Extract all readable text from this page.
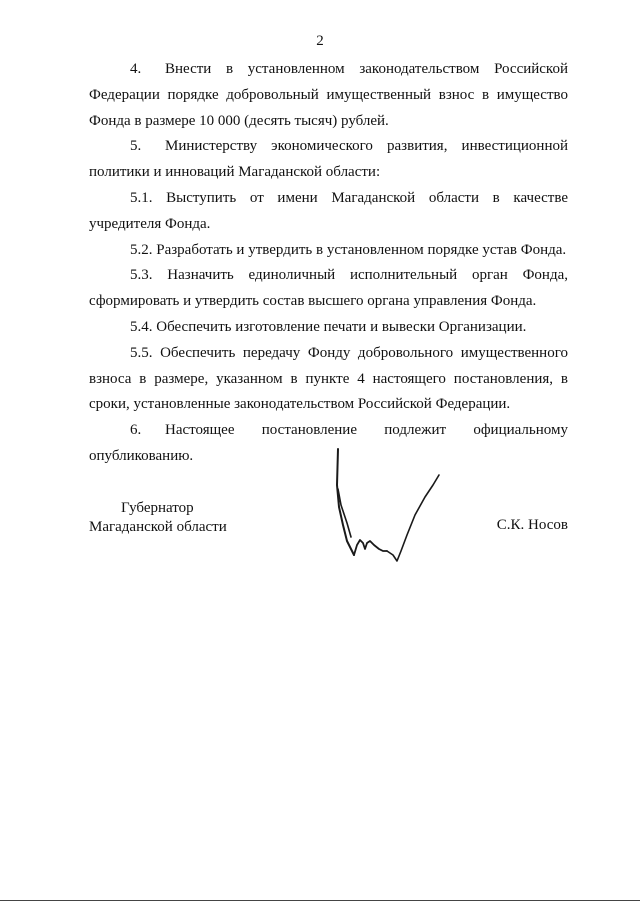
2

4. Внести в установленном законодательством Российской Федерации порядке добровольный имущественный взнос в имущество Фонда в размере 10 000 (десять тысяч) рублей.

5. Министерству экономического развития, инвестиционной политики и инноваций Магаданской области:

5.1. Выступить от имени Магаданской области в качестве учредителя Фонда.

5.2. Разработать и утвердить в установленном порядке устав Фонда.

5.3. Назначить единоличный исполнительный орган Фонда, сформировать и утвердить состав высшего органа управления Фонда.

5.4. Обеспечить изготовление печати и вывески Организации.

5.5. Обеспечить передачу Фонду добровольного имущественного взноса в размере, указанном в пункте 4 настоящего постановления, в сроки, установленные законодательством Российской Федерации.

6. Настоящее постановление подлежит официальному опубликованию.

Губернатор
Магаданской области	С.К. Носов
